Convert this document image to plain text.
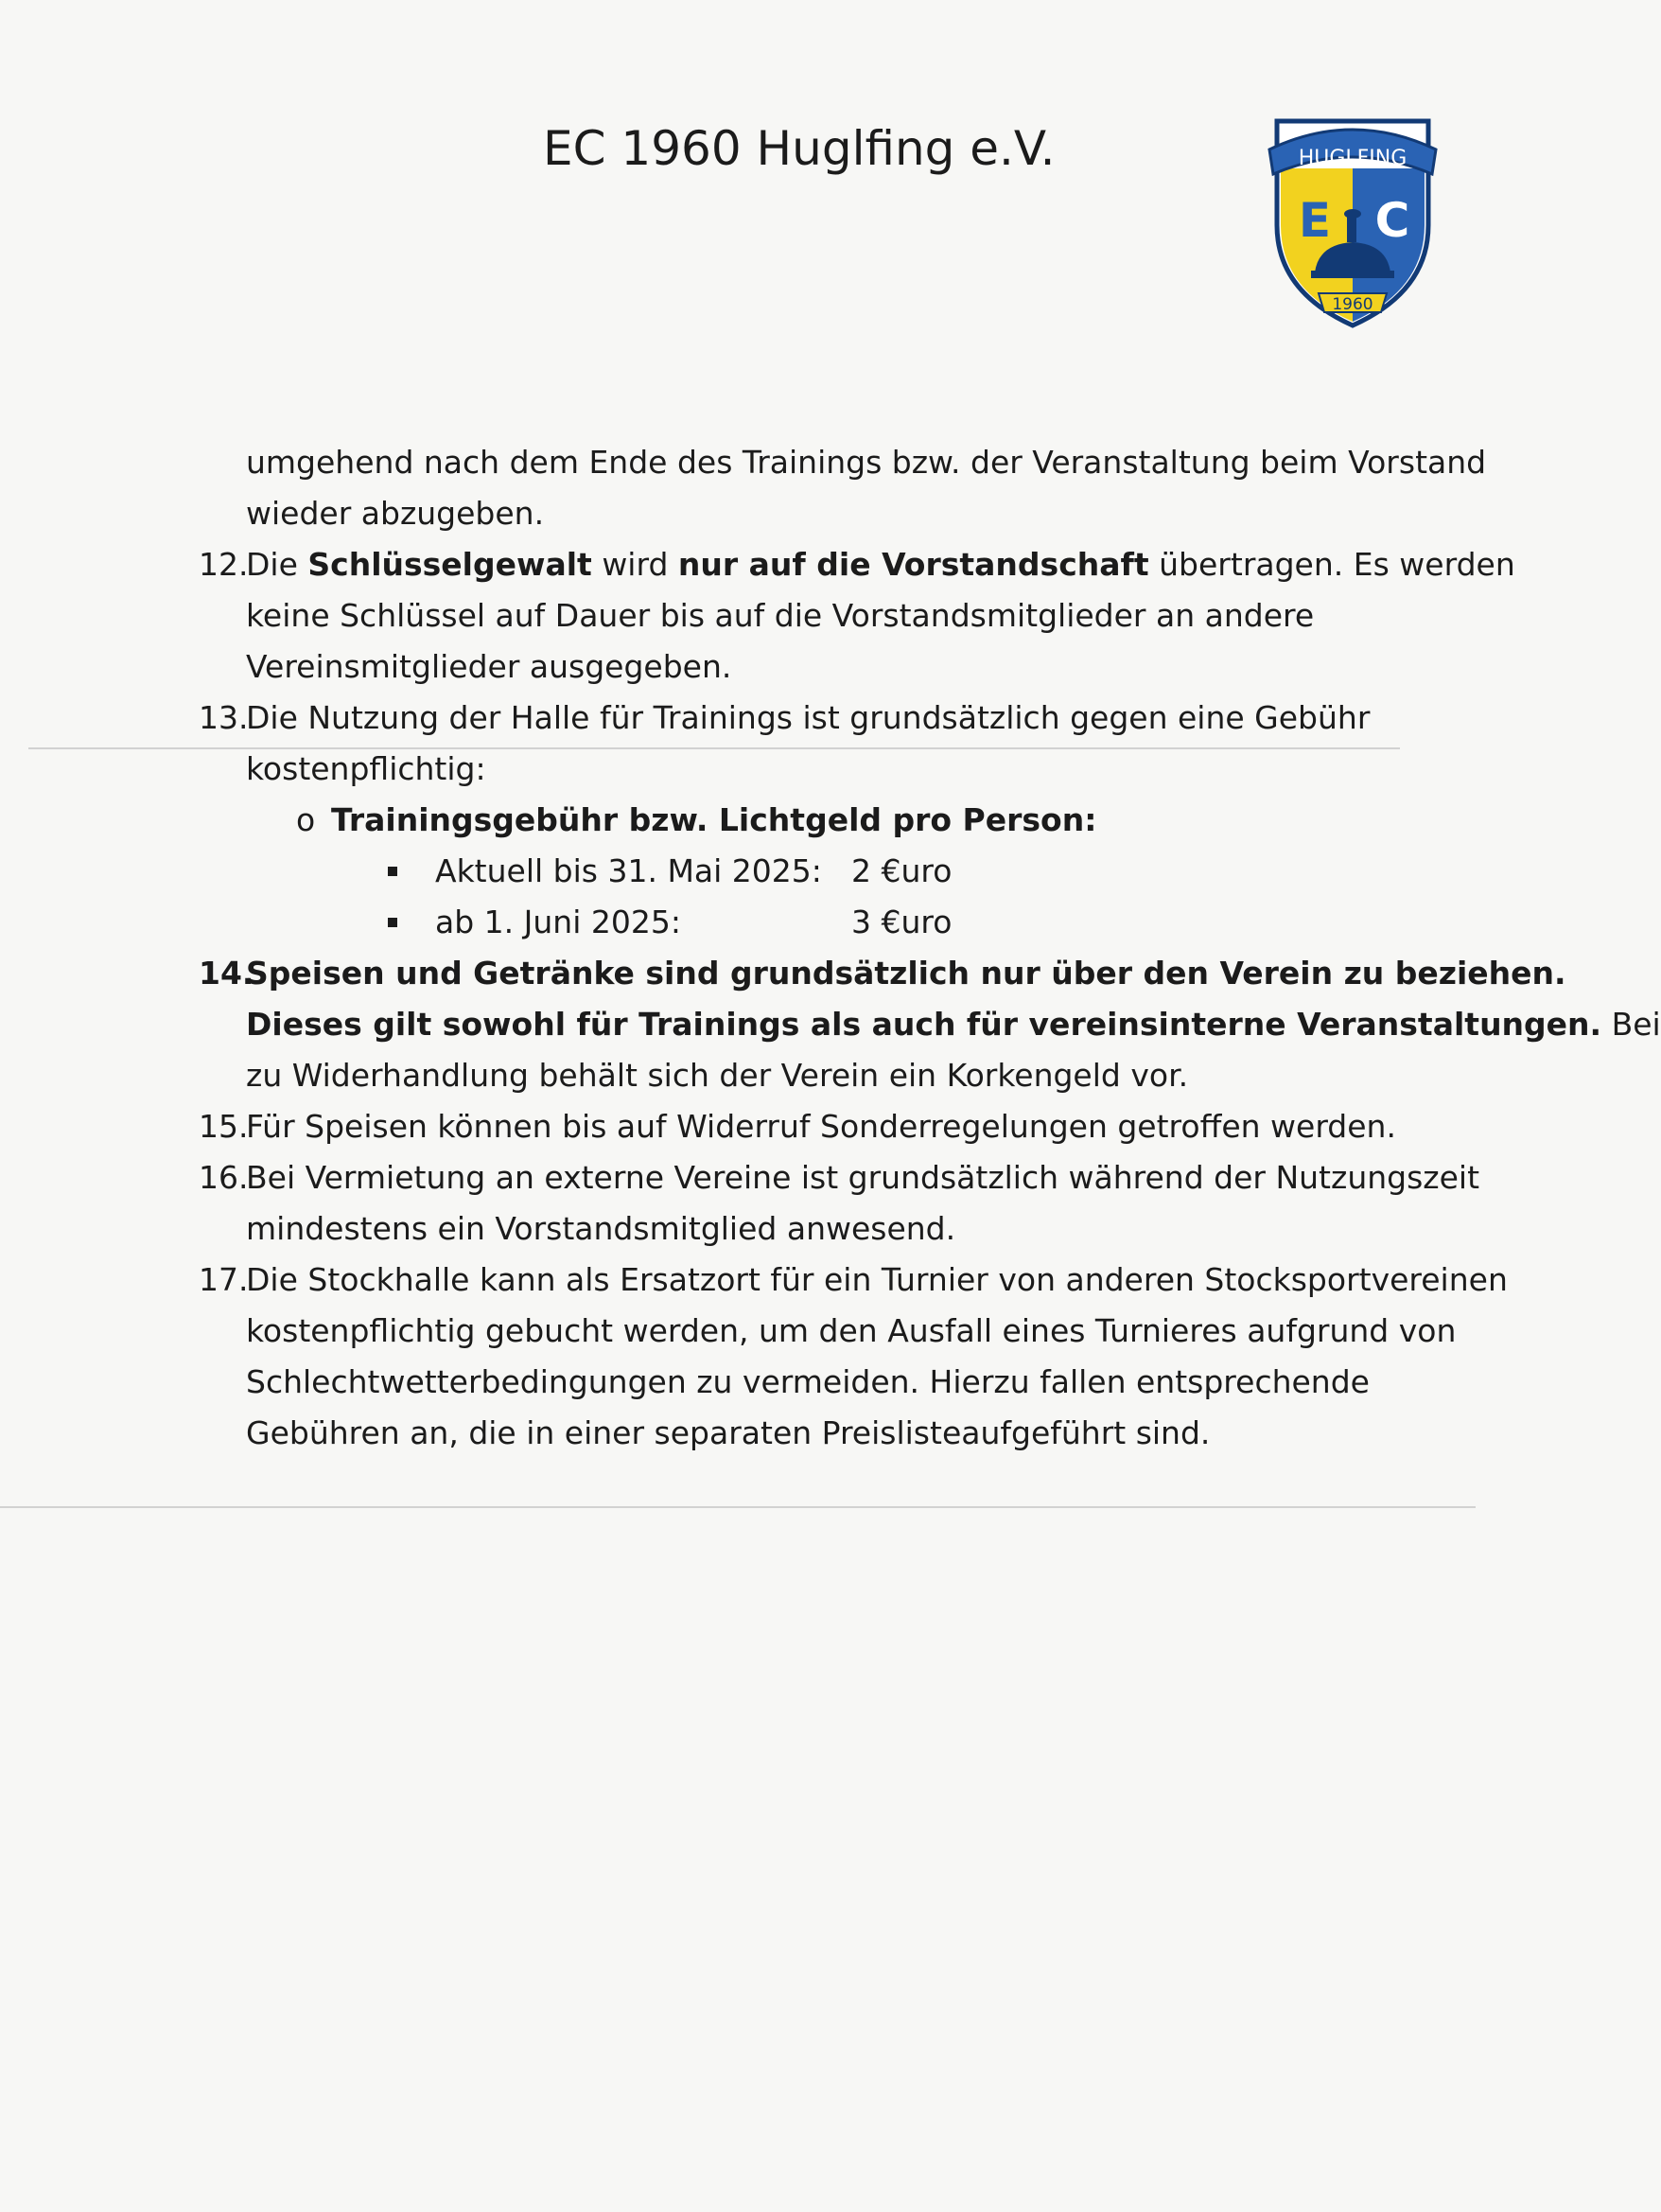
EC 1960 Huglfing e.V.	HUGLFING
E C
1960
umgehend nach dem Ende des Trainings bzw. der Veranstaltung beim Vorstand
wieder abzugeben.
12.
Die Schlüsselgewalt wird nur auf die Vorstandschaft übertragen. Es werden
keine Schlüssel auf Dauer bis auf die Vorstandsmitglieder an andere
Vereinsmitglieder ausgegeben.
13.
Die Nutzung der Halle für Trainings ist grundsätzlich gegen eine Gebühr
kostenpflichtig:
o Trainingsgebühr bzw. Lichtgeld pro Person:
Aktuell bis 31. Mai 2025: 2 €uro
ab 1. Juni 2025:	3 €uro
14.
Speisen und Getränke sind grundsätzlich nur über den Verein zu beziehen.
Dieses gilt sowohl für Trainings als auch für vereinsinterne Veranstaltungen. Bei
zu Widerhandlung behält sich der Verein ein Korkengeld vor.
15.
Für Speisen können bis auf Widerruf Sonderregelungen getroffen werden.
16.
Bei Vermietung an externe Vereine ist grundsätzlich während der Nutzungszeit
mindestens ein Vorstandsmitglied anwesend.
17.
Die Stockhalle kann als Ersatzort für ein Turnier von anderen Stocksportvereinen
kostenpflichtig gebucht werden, um den Ausfall eines Turnieres aufgrund von
Schlechtwetterbedingungen zu vermeiden. Hierzu fallen entsprechende
Gebühren an, die in einer separaten Preislisteaufgeführt sind.
